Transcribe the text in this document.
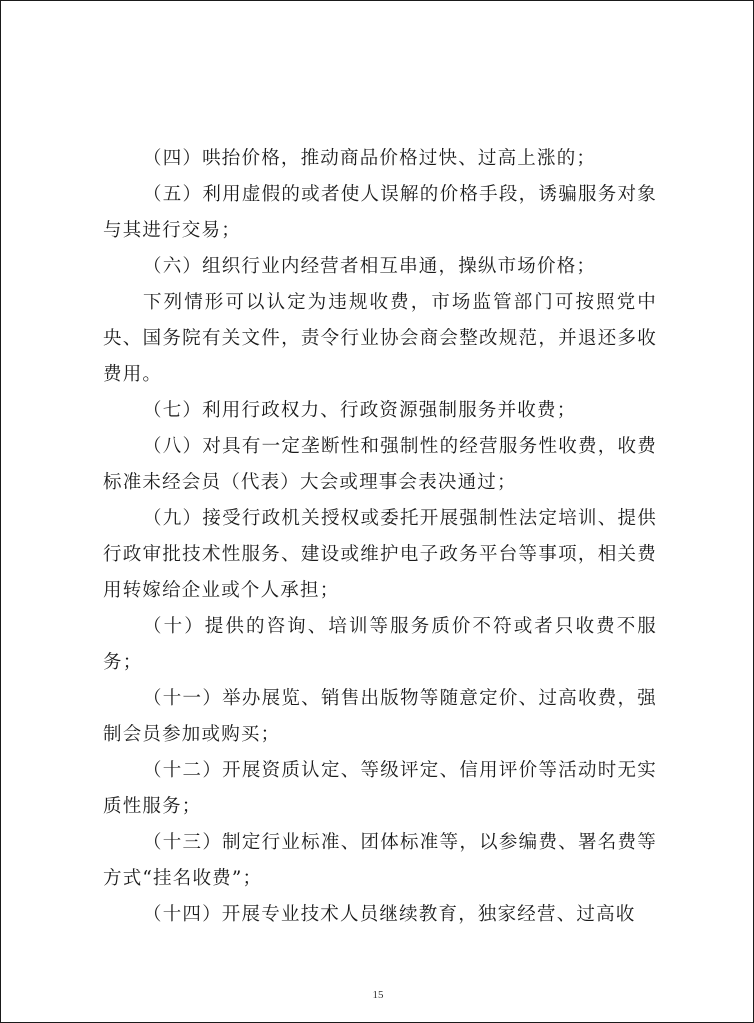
（四）哄抬价格，推动商品价格过快、过高上涨的；

（五）利用虚假的或者使人误解的价格手段，诱骗服务对象与其进行交易；

（六）组织行业内经营者相互串通，操纵市场价格；

下列情形可以认定为违规收费，市场监管部门可按照党中央、国务院有关文件，责令行业协会商会整改规范，并退还多收费用。

（七）利用行政权力、行政资源强制服务并收费；

（八）对具有一定垄断性和强制性的经营服务性收费，收费标准未经会员（代表）大会或理事会表决通过；

（九）接受行政机关授权或委托开展强制性法定培训、提供行政审批技术性服务、建设或维护电子政务平台等事项，相关费用转嫁给企业或个人承担；

（十）提供的咨询、培训等服务质价不符或者只收费不服务；

（十一）举办展览、销售出版物等随意定价、过高收费，强制会员参加或购买；

（十二）开展资质认定、等级评定、信用评价等活动时无实质性服务；

（十三）制定行业标准、团体标准等，以参编费、署名费等方式“挂名收费”；

（十四）开展专业技术人员继续教育，独家经营、过高收

15
